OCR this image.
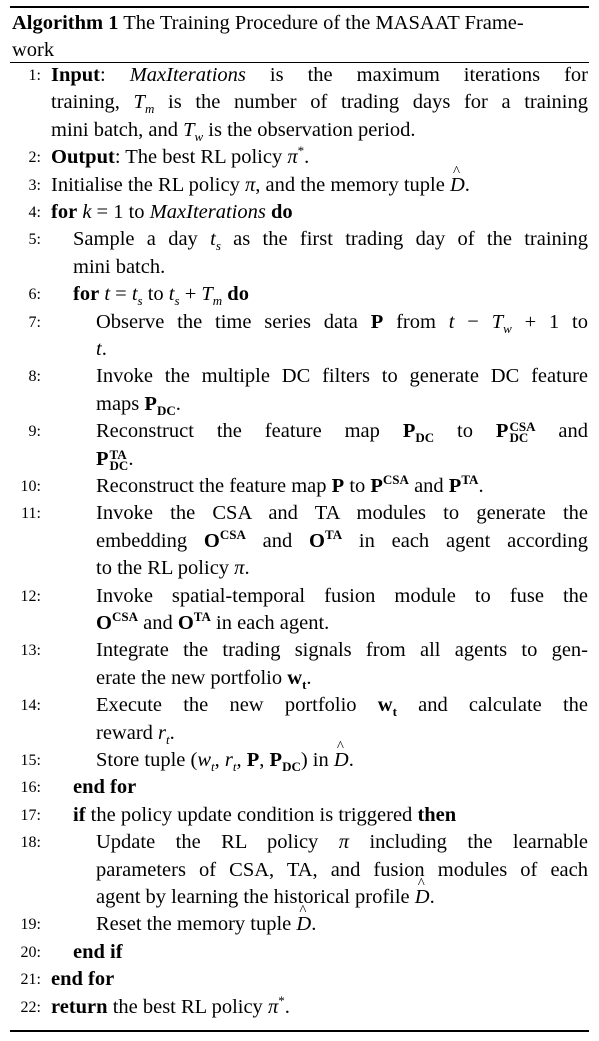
Algorithm 1 The Training Procedure of the MASAAT Frame-
work
1: Input: MaxIterations is the maximum iterations for
training, $T_m$ is the number of trading days for a training
mini batch, and $T_w$ is the observation period.
2: Output: The best RL policy π*.
3: Initialise the RL policy π, and the memory tuple ^ D.
4: for k = 1 to MaxIterations do
5: Sample a day $t_s$ as the first trading day of the training
mini batch.
6: for $t = t_s$ to $t_s + T_m$ do
7:	Observe the time series data P from $t - T_w + 1$ to
t.
8:	Invoke the multiple DC filters to generate DC feature
maps $P_{DC}$.
9:	Reconstruct the feature map $P_{DC}$ to P CSA
DC and
P TA
DC .
10:	Reconstruct the feature map P to $P^{CSA}$ and $P^{TA}$.
11:	Invoke the CSA and TA modules to generate the
embedding $O^{CSA}$ and $O^{TA}$ in each agent according
to the RL policy π.
12:	Invoke spatial-temporal fusion module to fuse the
$O^{CSA}$ and $O^{TA}$ in each agent.
13:	Integrate the trading signals from all agents to gen-
erate the new portfolio $w_t$.
14:	Execute the new portfolio $w_t$ and calculate the
reward $r_t$.
15:	Store tuple ($w_t$, $r_t$, P, $P_{DC}$) in ^ D.
16: end for
17: if the policy update condition is triggered then
18:	Update the RL policy π including the learnable
parameters of CSA, TA, and fusion modules of each
agent by learning the historical profile ^ D.
19:	Reset the memory tuple ^ D.
20: end if
21: end for
22: return the best RL policy π*.
